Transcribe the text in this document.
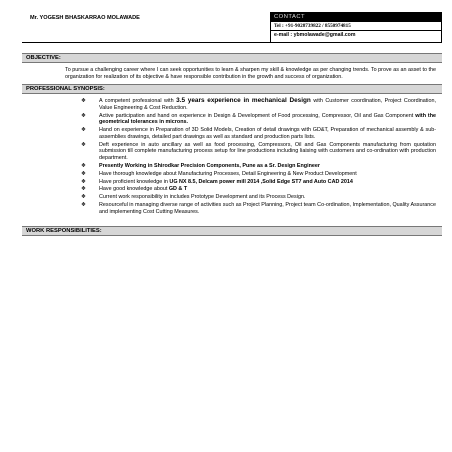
Mr. YOGESH BHASKARRAO MOLAWADE	CONTACT
Tel : +91-9028739822 / 8550974815
e-mail : ybmolawade@gmail.com
OBJECTIVE:
To pursue a challenging career where I can seek opportunities to learn & sharpen my skill & knowledge as per changing trends. To prove as an asset to the organization for realization of its objective & have responsible contribution in the growth and success of organization.
PROFESSIONAL SYNOPSIS:
❖ A competent professional with 3.5 years experience in mechanical Design with Customer coordination, Project Coordination, Value Engineering & Cost Reduction.
❖ Active participation and hand on experience in Design & Development of Food processing, Compressor, Oil and Gas Component with the geometrical tolerances in microns.
❖ Hand on experience in Preparation of 3D Solid Models, Creation of detail drawings with GD&T, Preparation of mechanical assembly & sub-assemblies drawings, detailed part drawings as well as standard and production parts lists.
❖ Deft experience in auto ancillary as well as food processing, Compressors, Oil and Gas Components manufacturing from quotation submission till complete manufacturing process setup for line productions including liaising with customers and co-ordination with production department.
❖ Presently Working in Shirodkar Precision Components, Pune as a Sr. Design Engineer
❖ Have thorough knowledge about Manufacturing Processes, Detail Engineering & New Product Development
❖ Have proficient knowledge in UG NX 8.5, Delcam power mill 2014 ,Solid Edge ST7 and Auto CAD 2014
❖ Have good knowledge about GD & T
❖ Current work responsibility in includes Prototype Development and its Process Design.
❖ Resourceful in managing diverse range of activities such as Project Planning, Project team Co-ordination, Implementation, Quality Assurance and implementing Cost Cutting Measures.
WORK RESPONSIBILITIES:
